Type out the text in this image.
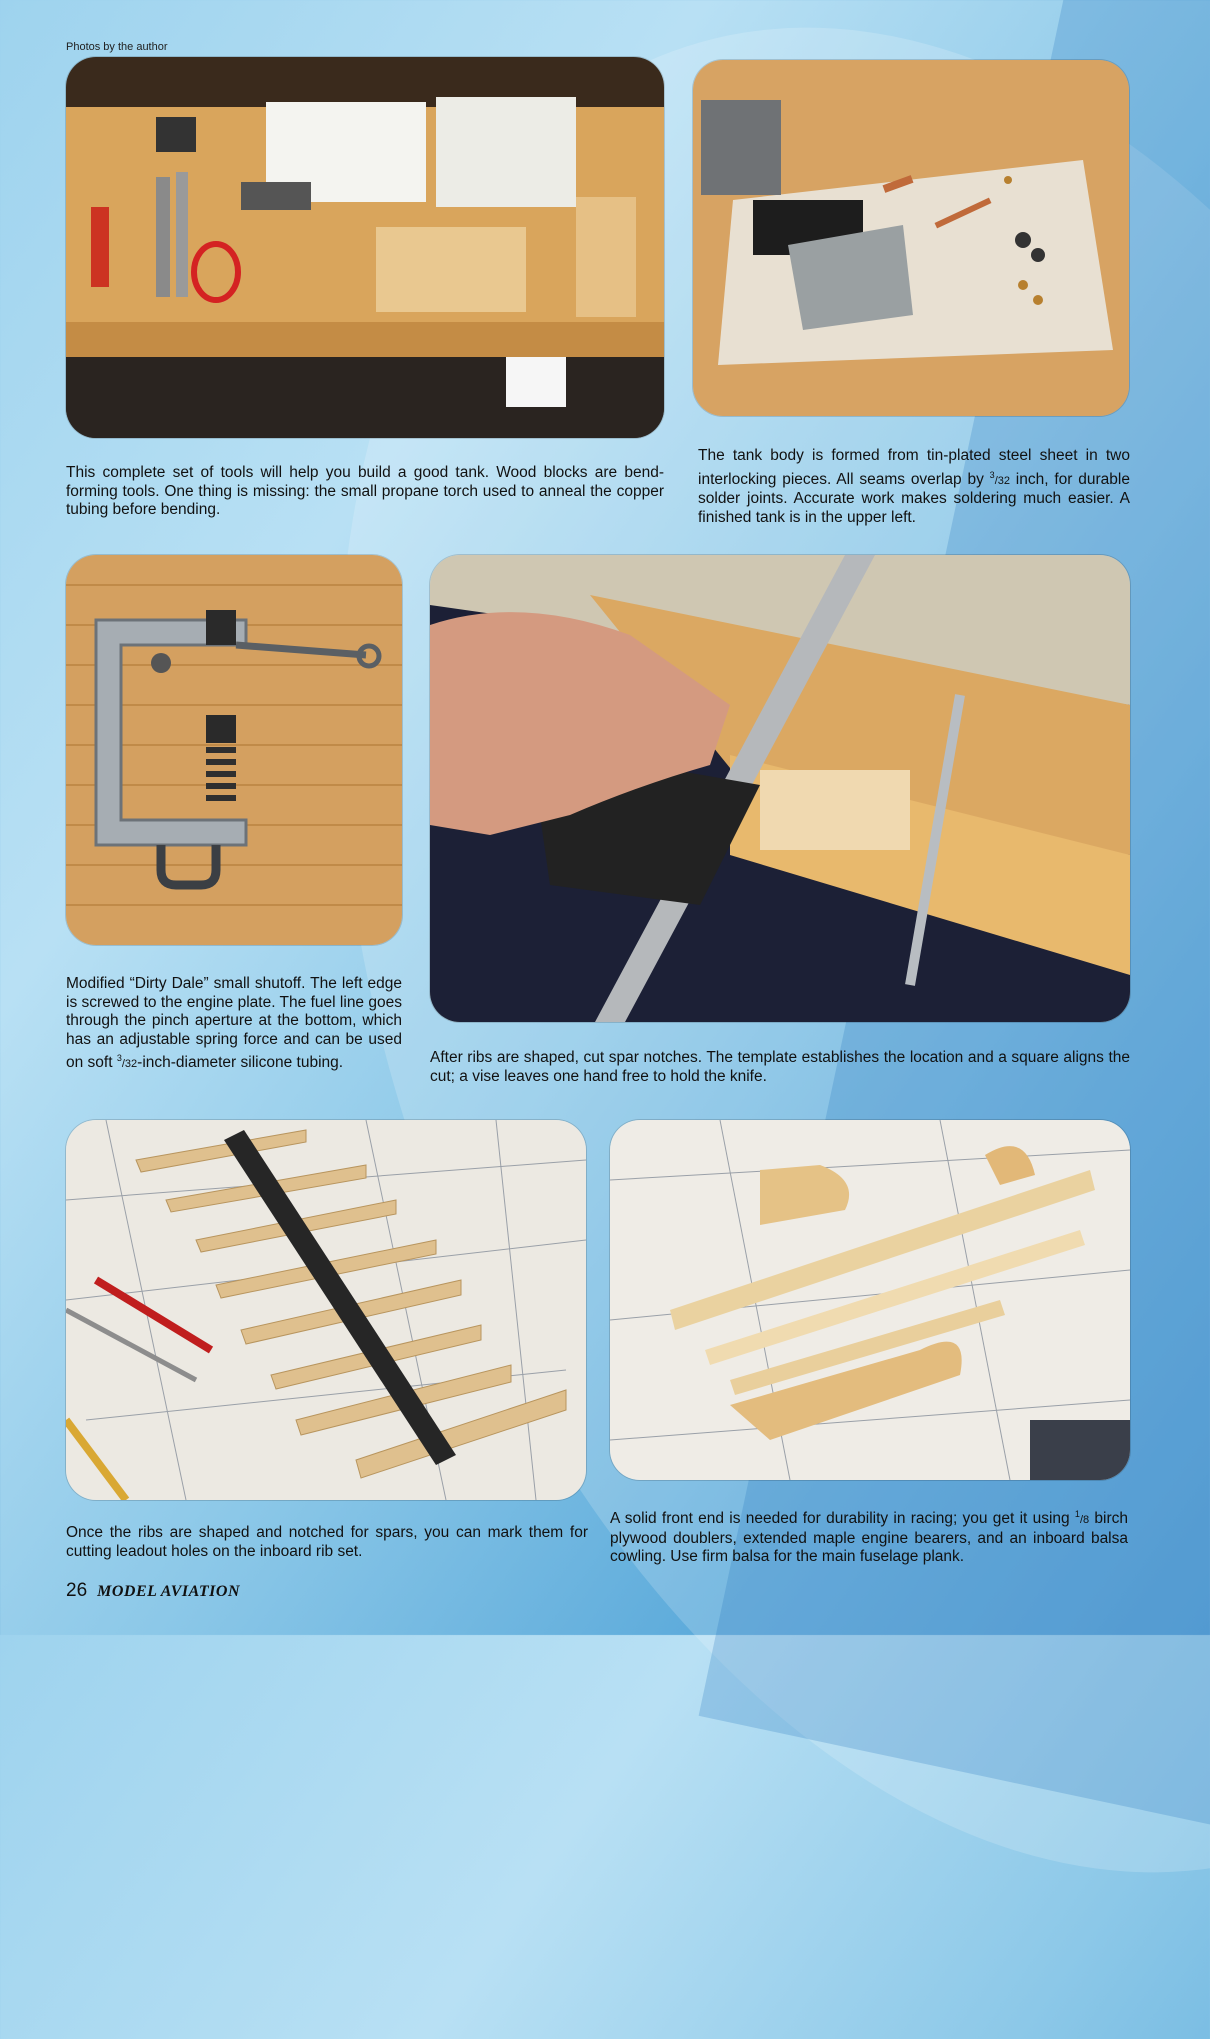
Photos by the author
This complete set of tools will help you build a good tank. Wood blocks are bend-forming tools. One thing is missing: the small propane torch used to anneal the copper tubing before bending.
The tank body is formed from tin-plated steel sheet in two interlocking pieces. All seams overlap by $^3$/32 inch, for durable solder joints. Accurate work makes soldering much easier. A finished tank is in the upper left.
Modified “Dirty Dale” small shutoff. The left edge is screwed to the engine plate. The fuel line goes through the pinch aperture at the bottom, which has an adjustable spring force and can be used on soft $^3$/32-inch-diameter silicone tubing.	After ribs are shaped, cut spar notches. The template establishes the location and a square aligns the cut; a vise leaves one hand free to hold the knife.
Once the ribs are shaped and notched for spars, you can mark them for cutting leadout holes on the inboard rib set.
A solid front end is needed for durability in racing; you get it using $^1$/8 birch plywood doublers, extended maple engine bearers, and an inboard balsa cowling. Use firm balsa for the main fuselage plank.
26 MODEL AVIATION
